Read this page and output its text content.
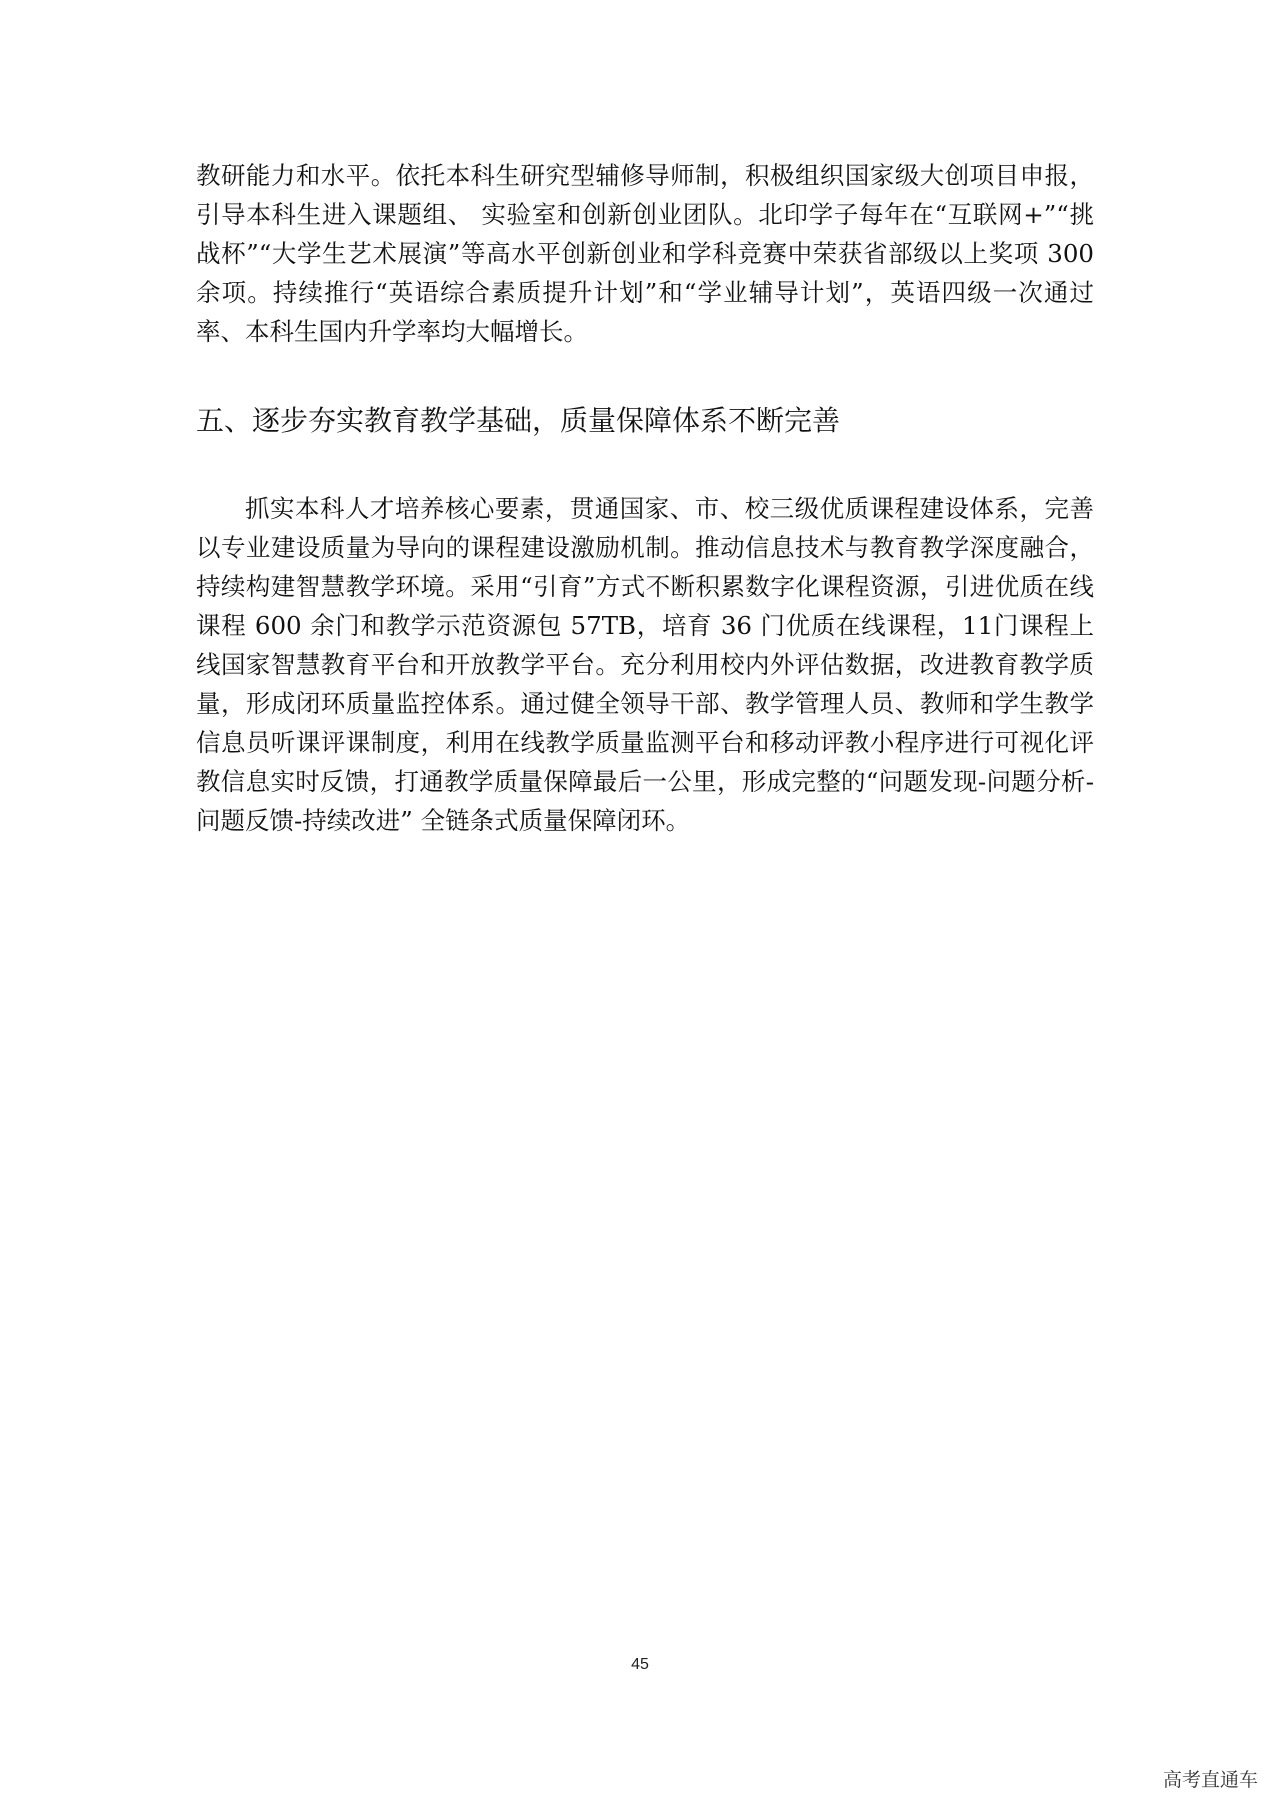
教研能力和水平。依托本科生研究型辅修导师制，积极组织国家级大创项目申报，引导本科生进入课题组、 实验室和创新创业团队。北印学子每年在“互联网+”“挑战杯”“大学生艺术展演”等高水平创新创业和学科竞赛中荣获省部级以上奖项 300 余项。持续推行“英语综合素质提升计划”和“学业辅导计划”，英语四级一次通过率、本科生国内升学率均大幅增长。

五、逐步夯实教育教学基础，质量保障体系不断完善

抓实本科人才培养核心要素，贯通国家、市、校三级优质课程建设体系，完善以专业建设质量为导向的课程建设激励机制。推动信息技术与教育教学深度融合，持续构建智慧教学环境。采用“引育”方式不断积累数字化课程资源，引进优质在线课程 600 余门和教学示范资源包 57TB，培育 36 门优质在线课程，11门课程上线国家智慧教育平台和开放教学平台。充分利用校内外评估数据，改进教育教学质量，形成闭环质量监控体系。通过健全领导干部、教学管理人员、教师和学生教学信息员听课评课制度，利用在线教学质量监测平台和移动评教小程序进行可视化评教信息实时反馈，打通教学质量保障最后一公里，形成完整的“问题发现-问题分析-问题反馈-持续改进” 全链条式质量保障闭环。

45
高考直通车
